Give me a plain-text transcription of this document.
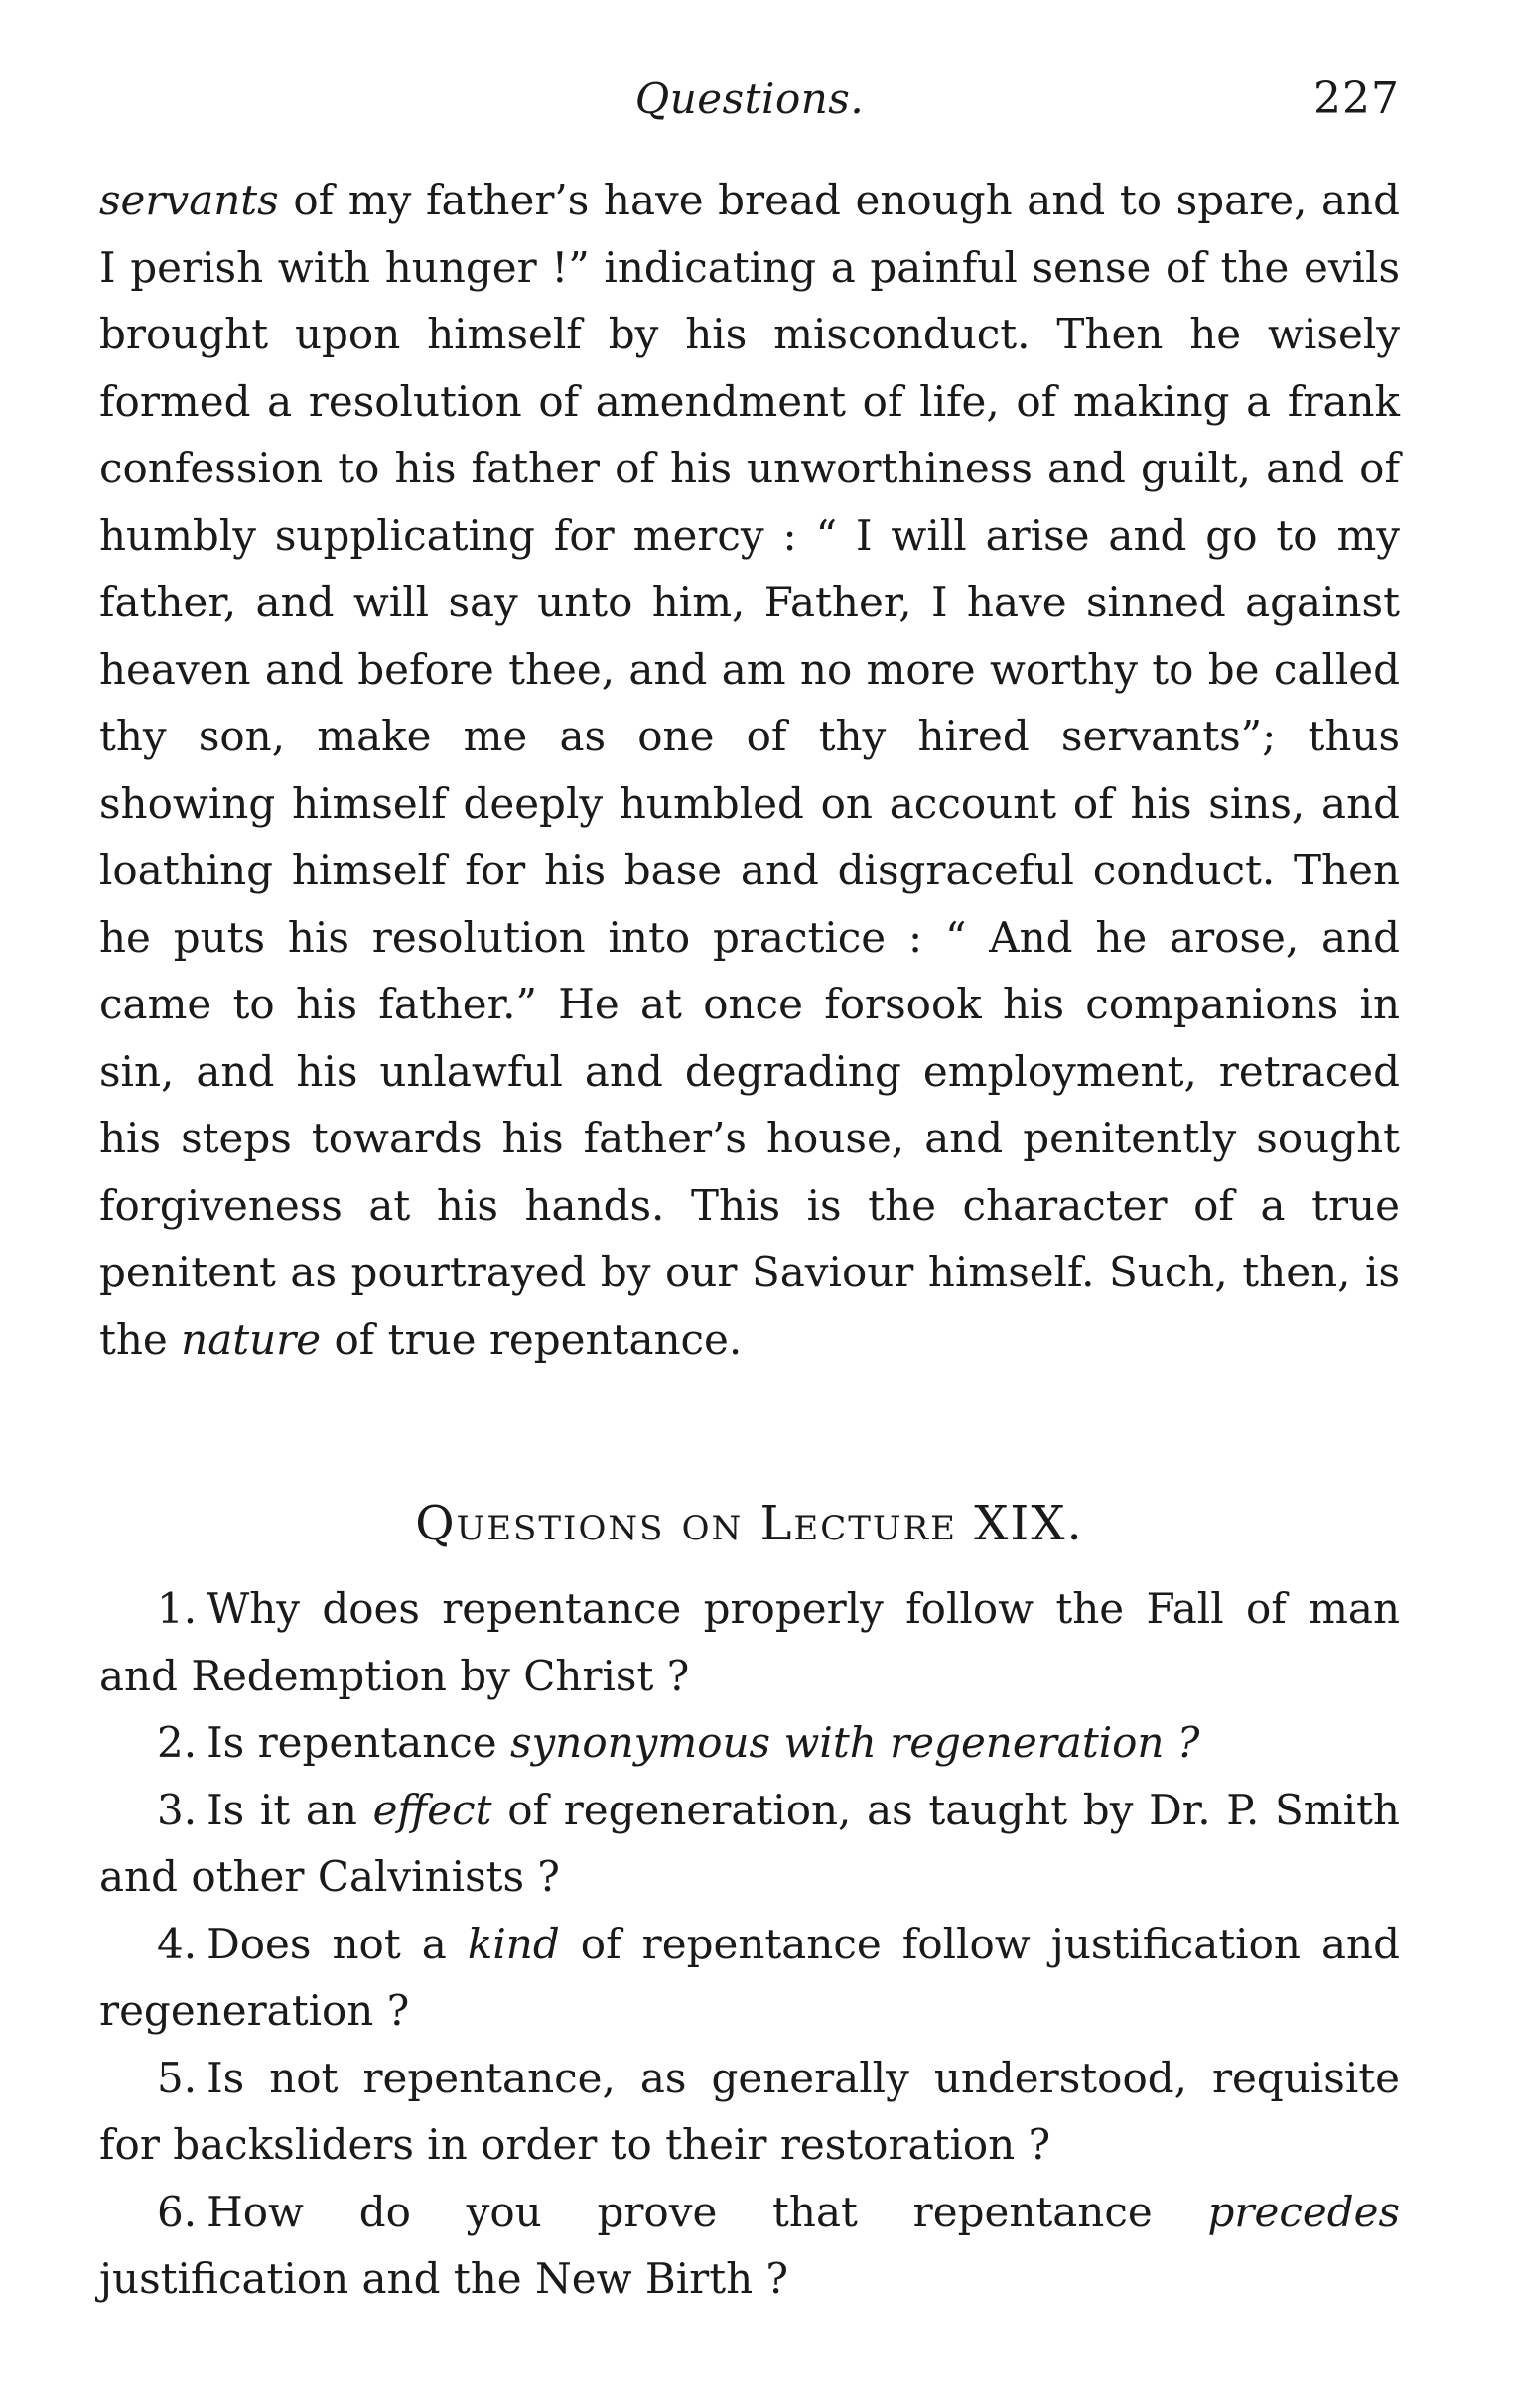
Questions.	227

servants of my father’s have bread enough and to spare, and I perish with hunger !” indicating a painful sense of the evils brought upon himself by his misconduct. Then he wisely formed a resolution of amendment of life, of making a frank confession to his father of his unworthiness and guilt, and of humbly supplicating for mercy : “ I will arise and go to my father, and will say unto him, Father, I have sinned against heaven and before thee, and am no more worthy to be called thy son, make me as one of thy hired servants”; thus showing himself deeply humbled on account of his sins, and loathing himself for his base and disgraceful conduct. Then he puts his resolution into practice : “ And he arose, and came to his father.” He at once forsook his companions in sin, and his unlawful and degrading employment, retraced his steps towards his father’s house, and penitently sought forgiveness at his hands. This is the character of a true penitent as pourtrayed by our Saviour himself. Such, then, is the nature of true repentance.

Questions on Lecture XIX.
1. Why does repentance properly follow the Fall of man and Redemption by Christ ?
2. Is repentance synonymous with regeneration ?
3. Is it an effect of regeneration, as taught by Dr. P. Smith and other Calvinists ?
4. Does not a kind of repentance follow justification and regeneration ?
5. Is not repentance, as generally understood, requisite for backsliders in order to their restoration ?
6. How do you prove that repentance precedes justification and the New Birth ?
